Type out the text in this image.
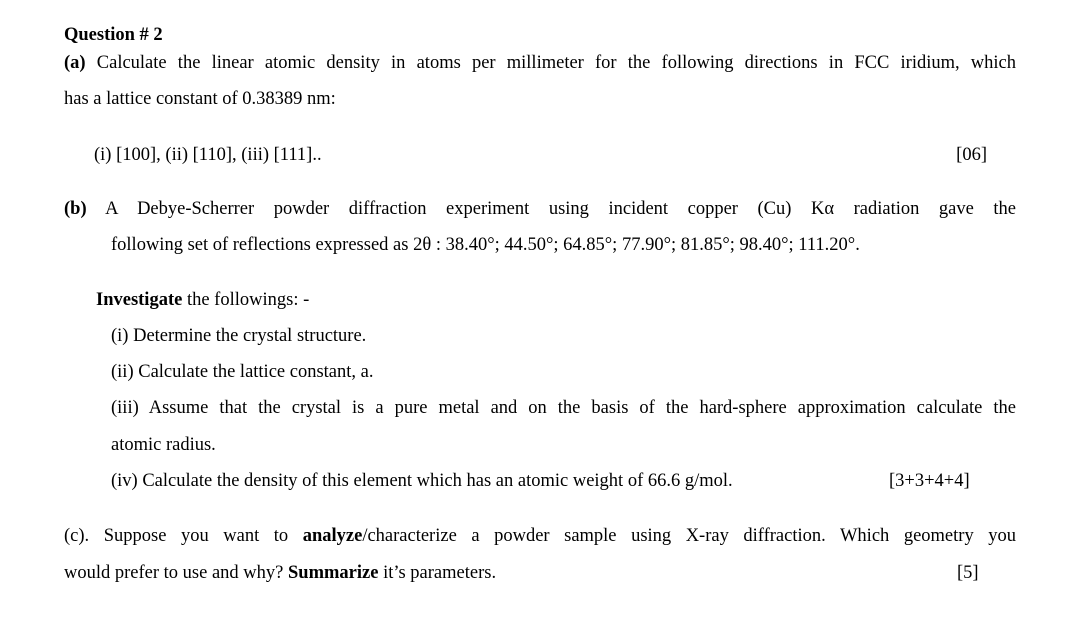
Question # 2
(a) Calculate the linear atomic density in atoms per millimeter for the following directions in FCC iridium, which
has a lattice constant of 0.38389 nm:
(i) [100], (ii) [110], (iii) [111]..	[06]
(b) A Debye-Scherrer powder diffraction experiment using incident copper (Cu) Kα radiation gave the
following set of reflections expressed as 2θ : 38.40°; 44.50°; 64.85°; 77.90°; 81.85°; 98.40°; 111.20°.
Investigate the followings: -
(i) Determine the crystal structure.
(ii) Calculate the lattice constant, a.
(iii) Assume that the crystal is a pure metal and on the basis of the hard-sphere approximation calculate the
atomic radius.
(iv) Calculate the density of this element which has an atomic weight of 66.6 g/mol.	[3+3+4+4]
(c). Suppose you want to analyze/characterize a powder sample using X-ray diffraction. Which geometry you
would prefer to use and why? Summarize it’s parameters.	[5]
